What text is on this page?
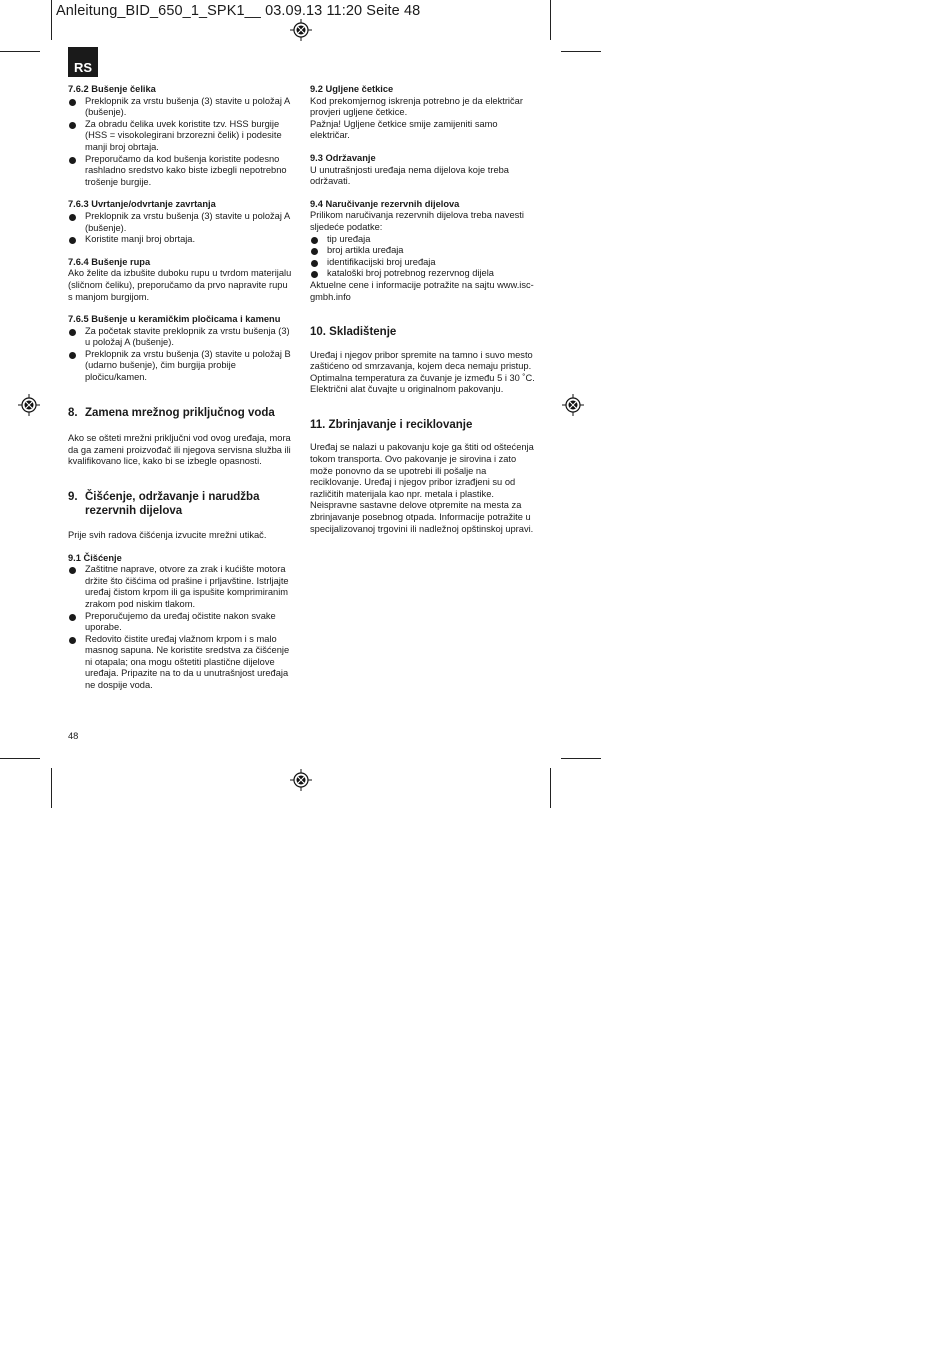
Anleitung_BID_650_1_SPK1__ 03.09.13 11:20 Seite 48
RS

7.6.2 Bušenje čelika

Preklopnik za vrstu bušenja (3) stavite u položaj A (bušenje).

Za obradu čelika uvek koristite tzv. HSS burgije (HSS = visokolegirani brzorezni čelik) i podesite manji broj obrtaja.

Preporučamo da kod bušenja koristite podesno rashladno sredstvo kako biste izbegli nepotrebno trošenje burgije.

7.6.3 Uvrtanje/odvrtanje zavrtanja

Preklopnik za vrstu bušenja (3) stavite u položaj A (bušenje).

Koristite manji broj obrtaja.

7.6.4 Bušenje rupa

Ako želite da izbušite duboku rupu u tvrdom materijalu (sličnom čeliku), preporučamo da prvo napravite rupu s manjom burgijom.

7.6.5 Bušenje u keramičkim pločicama i kamenu

Za početak stavite preklopnik za vrstu bušenja (3) u položaj A (bušenje).

Preklopnik za vrstu bušenja (3) stavite u položaj B (udarno bušenje), čim burgija probije pločicu/kamen.

8. Zamena mrežnog priključnog voda

Ako se ošteti mrežni priključni vod ovog uređaja, mora da ga zameni proizvođač ili njegova servisna služba ili kvalifikovano lice, kako bi se izbegle opasnosti.

9. Čišćenje, održavanje i narudžba

rezervnih dijelova

Prije svih radova čišćenja izvucite mrežni utikač.

9.1 Čišćenje

Zaštitne naprave, otvore za zrak i kućište motora držite što čišćima od prašine i prljavštine. Istrljajte uređaj čistom krpom ili ga ispušite komprimiranim zrakom pod niskim tlakom.

Preporučujemo da uređaj očistite nakon svake uporabe.

Redovito čistite uređaj vlažnom krpom i s malo masnog sapuna. Ne koristite sredstva za čišćenje ni otapala; ona mogu oštetiti plastične dijelove uređaja. Pripazite na to da u unutrašnjost uređaja ne dospije voda.

9.2 Ugljene četkice

Kod prekomjernog iskrenja potrebno je da električar provjeri ugljene četkice.

Pažnja! Ugljene četkice smije zamijeniti samo električar.

9.3 Održavanje

U unutrašnjosti uređaja nema dijelova koje treba održavati.

9.4 Naručivanje rezervnih dijelova

Prilikom naručivanja rezervnih dijelova treba navesti sljedeće podatke:

tip uređaja

broj artikla uređaja

identifikacijski broj uređaja

kataloški broj potrebnog rezervnog dijela

Aktuelne cene i informacije potražite na sajtu www.isc-gmbh.info

10. Skladištenje

Uređaj i njegov pribor spremite na tamno i suvo mesto zaštićeno od smrzavanja, kojem deca nemaju pristup. Optimalna temperatura za čuvanje je između 5 i 30 ˚C. Električni alat čuvajte u originalnom pakovanju.

11. Zbrinjavanje i reciklovanje

Uređaj se nalazi u pakovanju koje ga štiti od oštećenja tokom transporta. Ovo pakovanje je sirovina i zato može ponovno da se upotrebi ili pošalje na reciklovanje. Uređaj i njegov pribor izrađjeni su od različitih materijala kao npr. metala i plastike. Neispravne sastavne delove otpremite na mesta za zbrinjavanje posebnog otpada. Informacije potražite u specijalizovanoj trgovini ili nadležnoj opštinskoj upravi.

48
